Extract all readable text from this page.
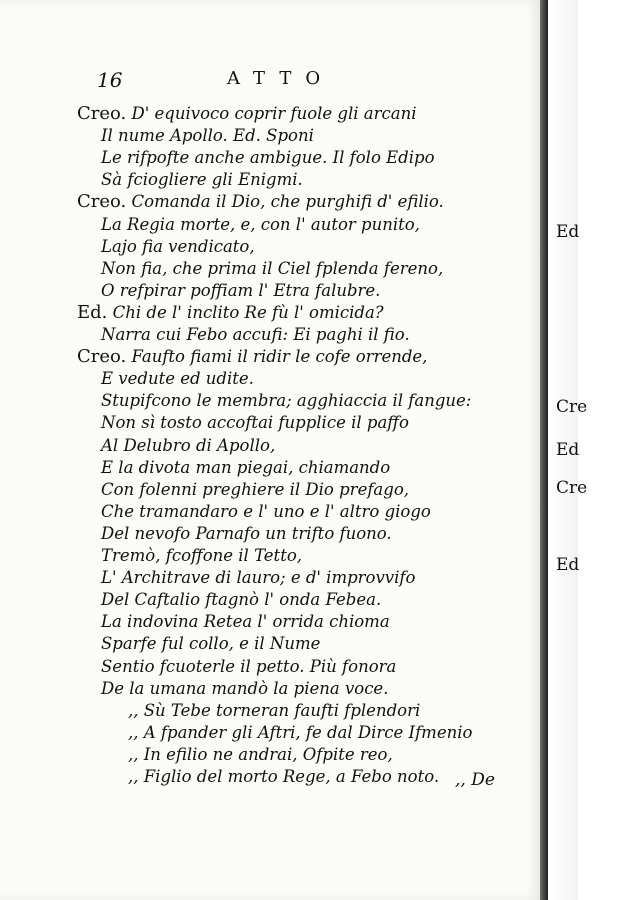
16	ATTO
Creo. D' equivoco coprir fuole gli arcani
Il nume Apollo. Ed. Sponi
Le rifpofte anche ambigue. Il folo Edipo
Sà fciogliere gli Enigmi.
Creo. Comanda il Dio, che purghifi d' efilio.
La Regia morte, e, con l' autor punito,
Lajo fia vendicato,
Non fia, che prima il Ciel fplenda fereno,
O refpirar poffiam l' Etra falubre.
Ed. Chi de l' inclito Re fù l' omicida?
Narra cui Febo accufi: Ei paghi il fio.
Creo. Faufto fiami il ridir le cofe orrende,
E vedute ed udite.
Stupifcono le membra; agghiaccia il fangue:
Non sì tosto accoftai fupplice il paffo
Al Delubro di Apollo,
E la divota man piegai, chiamando
Con folenni preghiere il Dio prefago,
Che tramandaro e l' uno e l' altro giogo
Del nevofo Parnafo un trifto fuono.
Tremò, fcoffone il Tetto,
L' Architrave di lauro; e d' improvvifo
Del Caftalio ftagnò l' onda Febea.
La indovina Retea l' orrida chioma
Sparfe ful collo, e il Nume
Sentio fcuoterle il petto. Più fonora
De la umana mandò la piena voce.
,, Sù Tebe torneran faufti fplendori
,, A fpander gli Aftri, fe dal Dirce Ifmenio
,, In efilio ne andrai, Ofpite reo,
,, Figlio del morto Rege, a Febo noto. ,, De
Ed
Cre
Ed
Cre
Ed
